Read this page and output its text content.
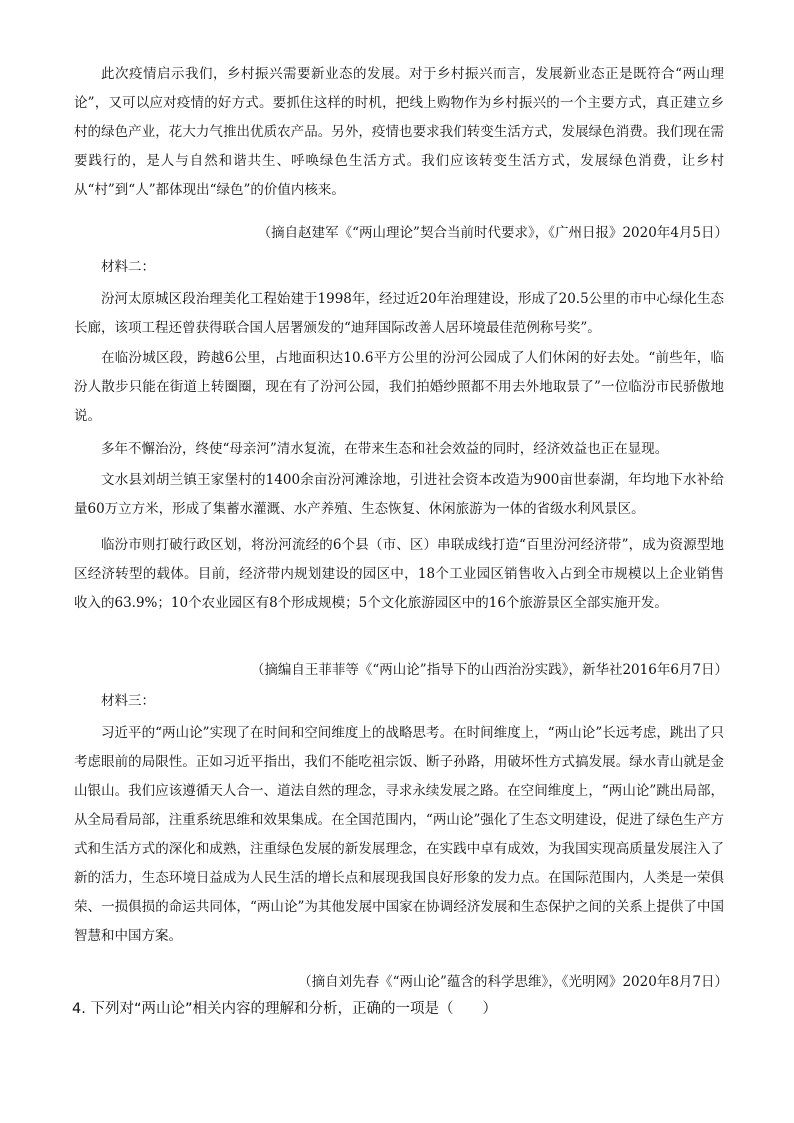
此次疫情启示我们，乡村振兴需要新业态的发展。对于乡村振兴而言，发展新业态正是既符合“两山理论”，又可以应对疫情的好方式。要抓住这样的时机，把线上购物作为乡村振兴的一个主要方式，真正建立乡村的绿色产业，花大力气推出优质农产品。另外，疫情也要求我们转变生活方式，发展绿色消费。我们现在需要践行的，是人与自然和谐共生、呼唤绿色生活方式。我们应该转变生活方式，发展绿色消费，让乡村从“村”到“人”都体现出“绿色”的价值内核来。

（摘自赵建军《“两山理论”契合当前时代要求》，《广州日报》2020年4月5日）

材料二：

汾河太原城区段治理美化工程始建于1998年，经过近20年治理建设，形成了20.5公里的市中心绿化生态长廊，该项工程还曾获得联合国人居署颁发的“迪拜国际改善人居环境最佳范例称号奖”。

在临汾城区段，跨越6公里，占地面积达10.6平方公里的汾河公园成了人们休闲的好去处。“前些年，临汾人散步只能在街道上转圈圈，现在有了汾河公园，我们拍婚纱照都不用去外地取景了”一位临汾市民骄傲地说。

多年不懈治汾，终使“母亲河”清水复流，在带来生态和社会效益的同时，经济效益也正在显现。

文水县刘胡兰镇王家堡村的1400余亩汾河滩涂地，引进社会资本改造为900亩世泰湖，年均地下水补给量60万立方米，形成了集蓄水灌溉、水产养殖、生态恢复、休闲旅游为一体的省级水利风景区。

临汾市则打破行政区划，将汾河流经的6个县（市、区）串联成线打造“百里汾河经济带”，成为资源型地区经济转型的载体。目前，经济带内规划建设的园区中，18个工业园区销售收入占到全市规模以上企业销售收入的63.9%；10个农业园区有8个形成规模；5个文化旅游园区中的16个旅游景区全部实施开发。

（摘编自王菲菲等《“两山论”指导下的山西治汾实践》，新华社2016年6月7日）

材料三：

习近平的“两山论”实现了在时间和空间维度上的战略思考。在时间维度上，“两山论”长远考虑，跳出了只考虑眼前的局限性。正如习近平指出，我们不能吃祖宗饭、断子孙路，用破坏性方式搞发展。绿水青山就是金山银山。我们应该遵循天人合一、道法自然的理念，寻求永续发展之路。在空间维度上，“两山论”跳出局部，从全局看局部，注重系统思维和效果集成。在全国范围内，“两山论”强化了生态文明建设，促进了绿色生产方式和生活方式的深化和成熟，注重绿色发展的新发展理念，在实践中卓有成效，为我国实现高质量发展注入了新的活力，生态环境日益成为人民生活的增长点和展现我国良好形象的发力点。在国际范围内，人类是一荣俱荣、一损俱损的命运共同体，“两山论”为其他发展中国家在协调经济发展和生态保护之间的关系上提供了中国智慧和中国方案。

（摘自刘先春《“两山论”蕴含的科学思维》，《光明网》2020年8月7日）

4. 下列对“两山论”相关内容的理解和分析，正确的一项是（　　）
